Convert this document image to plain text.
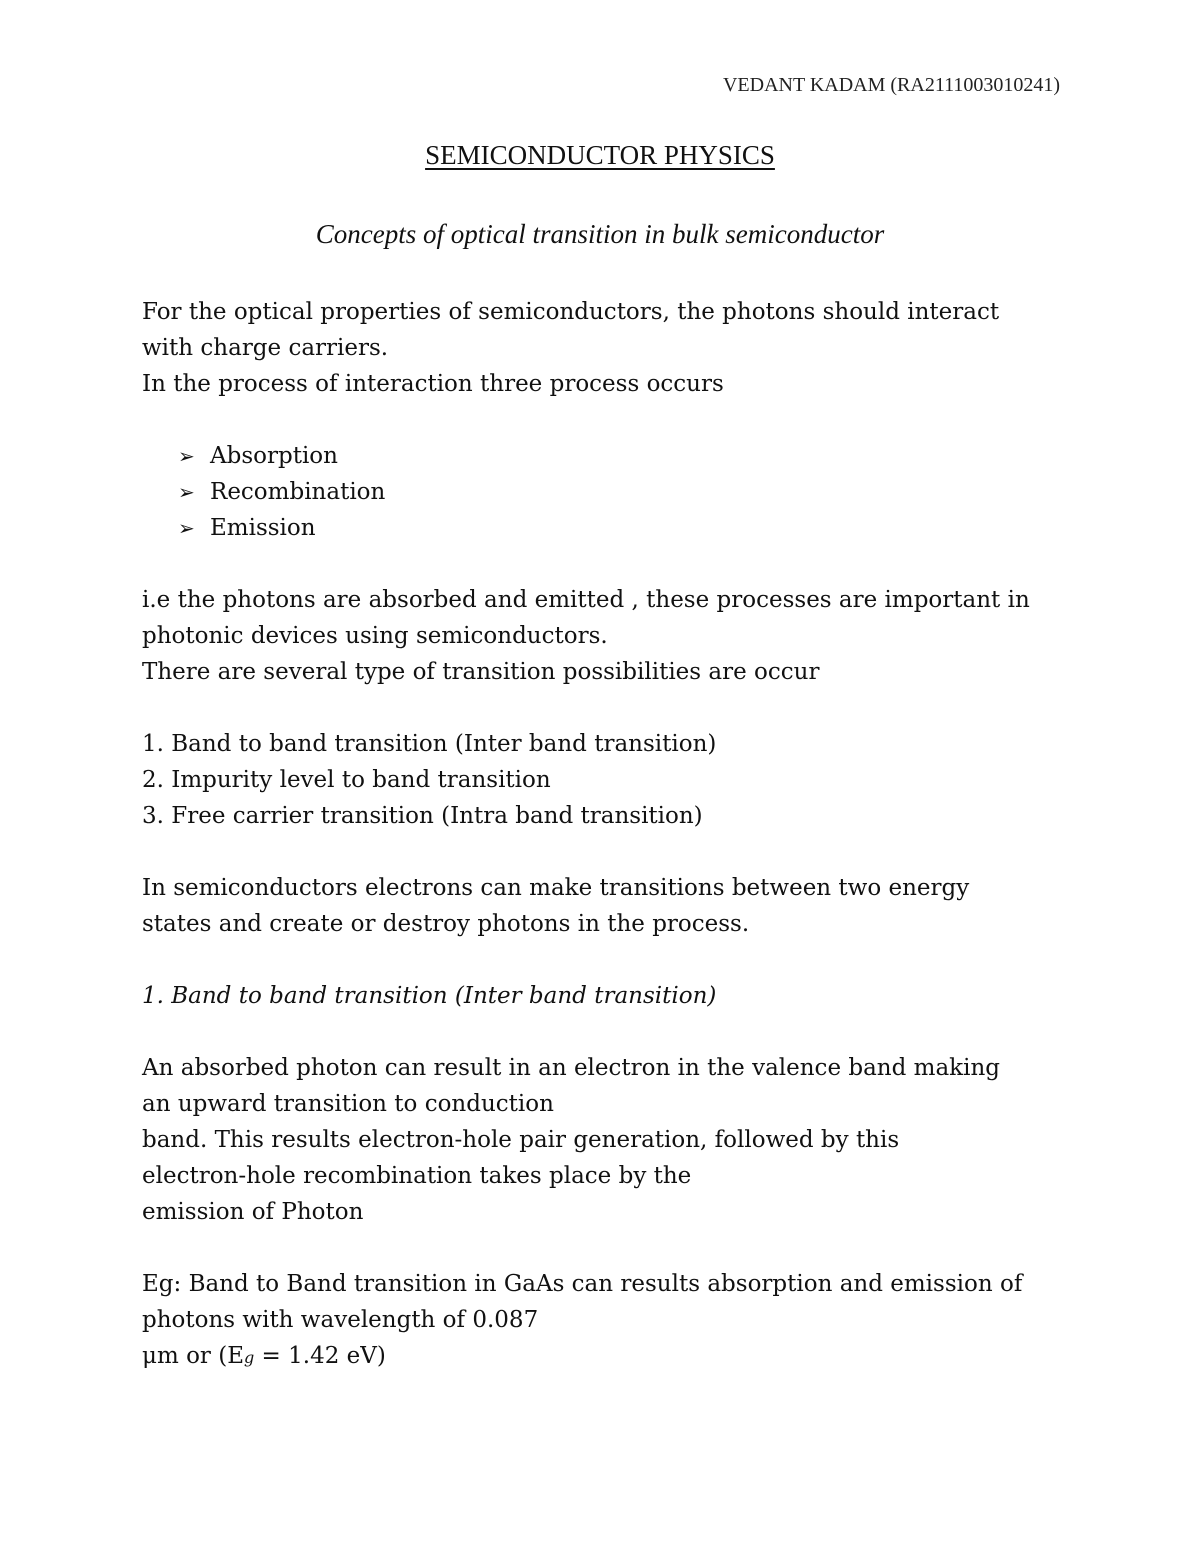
VEDANT KADAM (RA2111003010241)
SEMICONDUCTOR PHYSICS
Concepts of optical transition in bulk semiconductor
For the optical properties of semiconductors, the photons should interact
with charge carriers.
In the process of interaction three process occurs
➢ Absorption
➢ Recombination
➢ Emission
i.e the photons are absorbed and emitted , these processes are important in
photonic devices using semiconductors.
There are several type of transition possibilities are occur
1. Band to band transition (Inter band transition)
2. Impurity level to band transition
3. Free carrier transition (Intra band transition)
In semiconductors electrons can make transitions between two energy
states and create or destroy photons in the process.
1. Band to band transition (Inter band transition)
An absorbed photon can result in an electron in the valence band making
an upward transition to conduction
band. This results electron-hole pair generation, followed by this
electron-hole recombination takes place by the
emission of Photon
Eg: Band to Band transition in GaAs can results absorption and emission of
photons with wavelength of 0.087
μm or (Eg = 1.42 eV)
